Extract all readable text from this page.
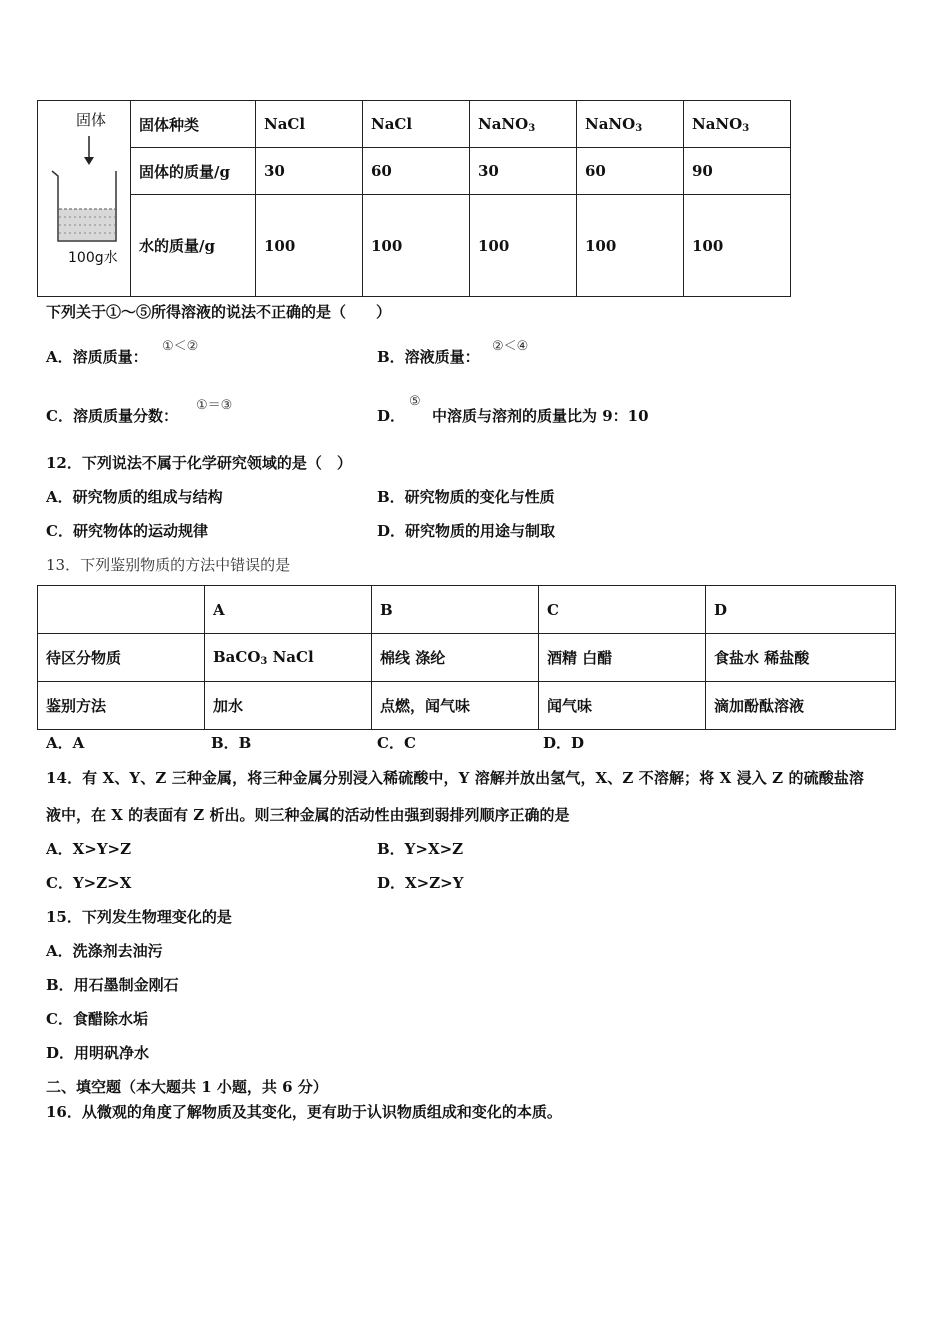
固体
100g水	固体种类	NaCl	NaCl	NaNO$_3$	NaNO$_3$	NaNO$_3$
	固体的质量/g	30	60	30	60	90
	水的质量/g	100	100	100	100	100
下列关于①～⑤所得溶液的说法不正确的是（　　）
A．溶质质量：
①＜②
B．溶液质量：
②＜④
C．溶质质量分数：
①＝③
D．
⑤
中溶质与溶剂的质量比为 9：10
12．下列说法不属于化学研究领域的是（　）
A．研究物质的组成与结构	B．研究物质的变化与性质
C．研究物体的运动规律	D．研究物质的用途与制取
13．下列鉴别物质的方法中错误的是
	A	B	C	D
待区分物质	BaCO$_3$ NaCl	棉线 涤纶	酒精 白醋	食盐水 稀盐酸
鉴别方法	加水	点燃，闻气味	闻气味	滴加酚酞溶液
A．A	B．B	C．C	D．D
14．有 X、Y、Z 三种金属，将三种金属分别浸入稀硫酸中，Y 溶解并放出氢气，X、Z 不溶解；将 X 浸入 Z 的硫酸盐溶
液中，在 X 的表面有 Z 析出。则三种金属的活动性由强到弱排列顺序正确的是
A．X>Y>Z	B．Y>X>Z
C．Y>Z>X	D．X>Z>Y
15．下列发生物理变化的是
A．洗涤剂去油污
B．用石墨制金刚石
C．食醋除水垢
D．用明矾净水
二、填空题（本大题共 1 小题，共 6 分）
16．从微观的角度了解物质及其变化，更有助于认识物质组成和变化的本质。
